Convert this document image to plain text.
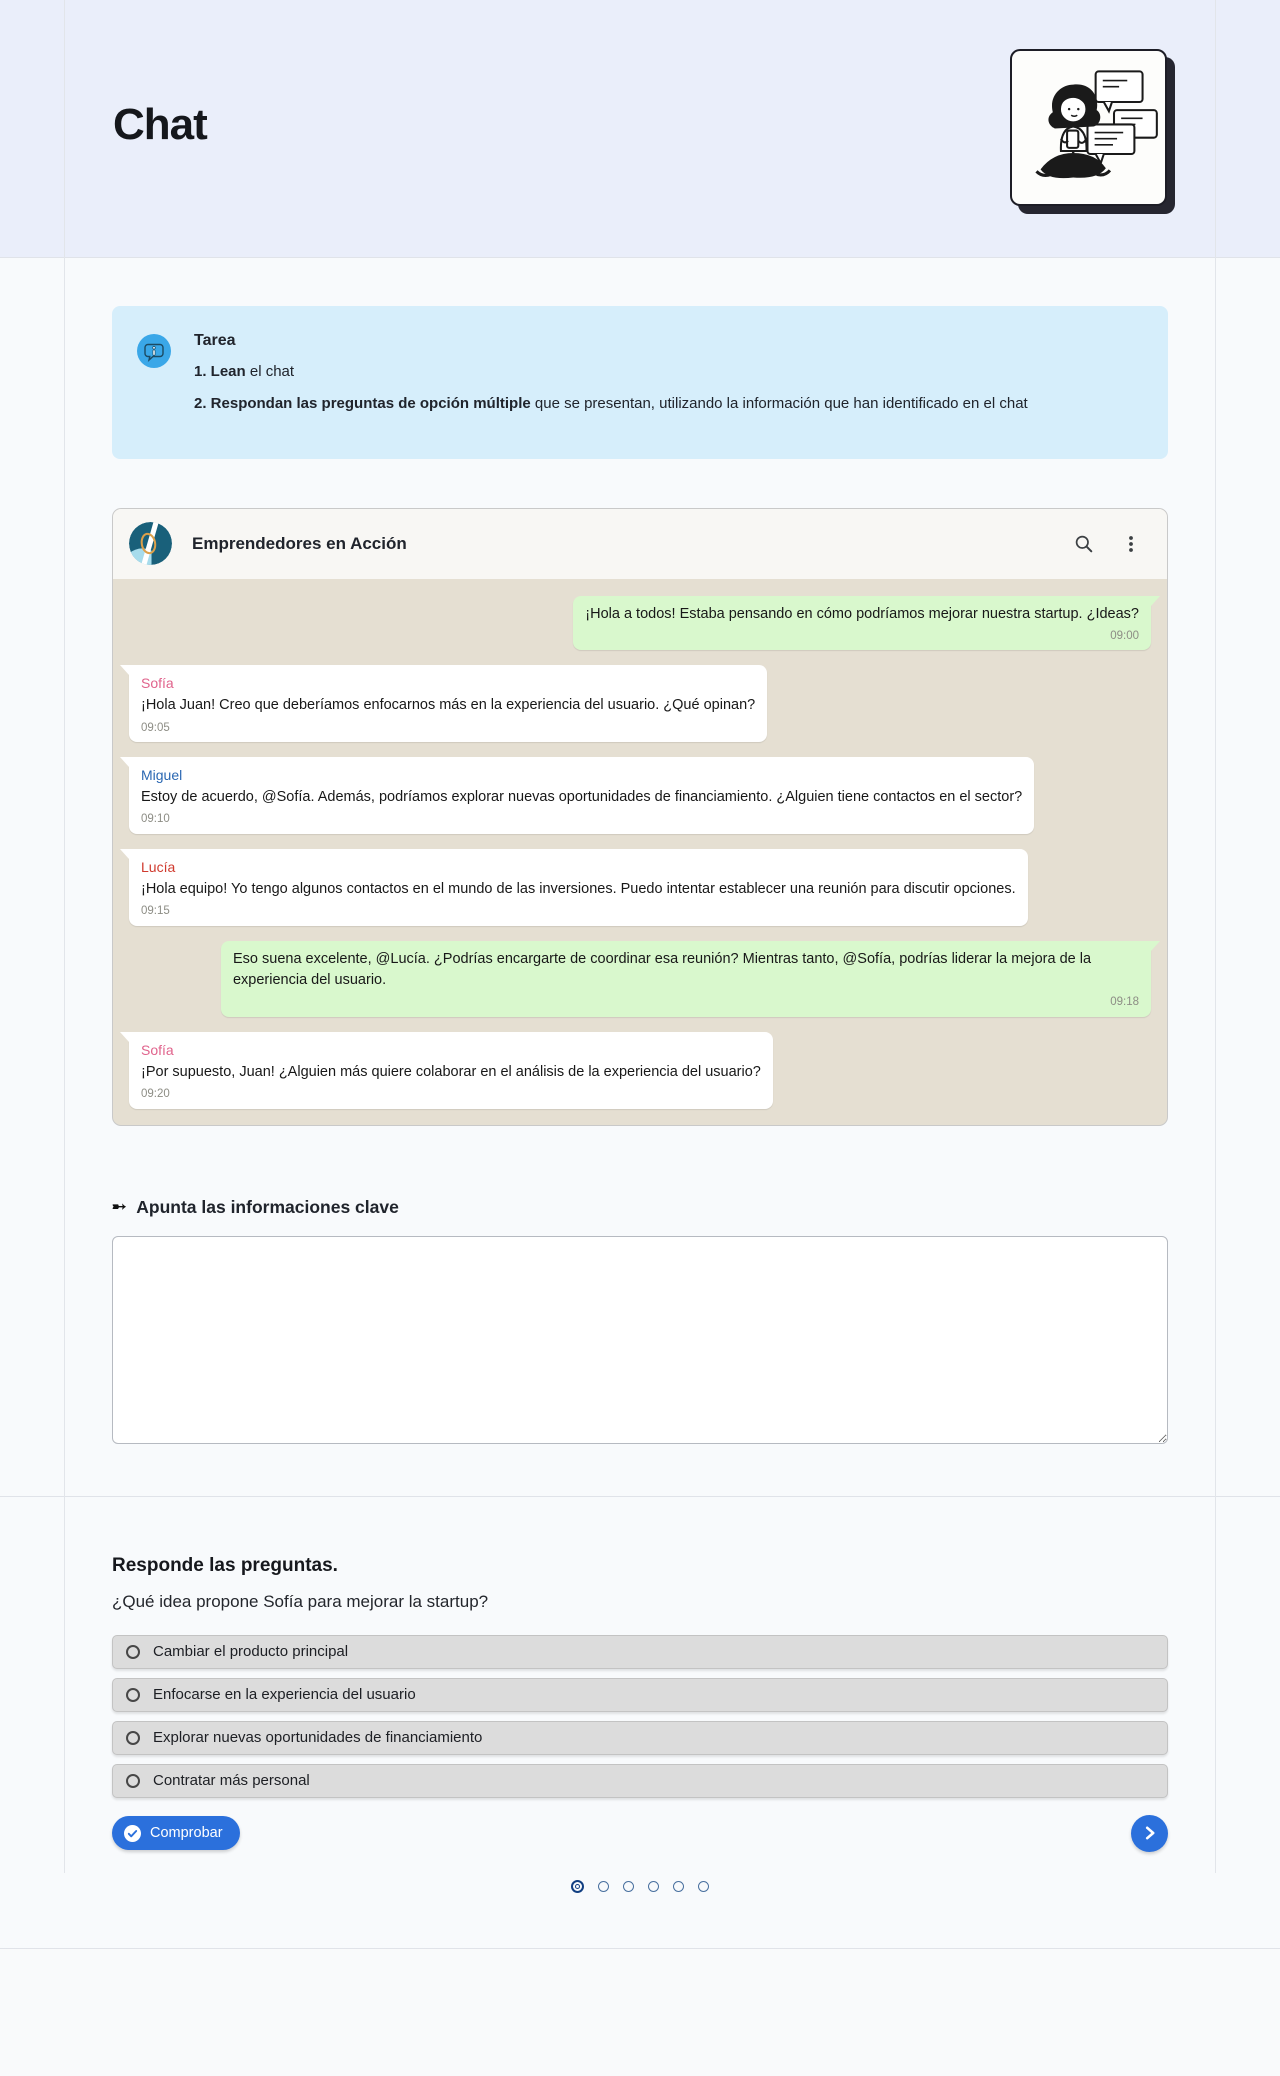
Chat
Tarea
1. Lean el chat
2. Respondan las preguntas de opción múltiple que se presentan, utilizando la información que han identificado en el chat
Emprendedores en Acción
¡Hola a todos! Estaba pensando en cómo podríamos mejorar nuestra startup. ¿Ideas?
09:00
Sofía
¡Hola Juan! Creo que deberíamos enfocarnos más en la experiencia del usuario. ¿Qué opinan?
09:05
Miguel
Estoy de acuerdo, @Sofía. Además, podríamos explorar nuevas oportunidades de financiamiento. ¿Alguien tiene contactos en el sector?
09:10
Lucía
¡Hola equipo! Yo tengo algunos contactos en el mundo de las inversiones. Puedo intentar establecer una reunión para discutir opciones.
09:15
Eso suena excelente, @Lucía. ¿Podrías encargarte de coordinar esa reunión? Mientras tanto, @Sofía, podrías liderar la mejora de la experiencia del usuario.
09:18
Sofía
¡Por supuesto, Juan! ¿Alguien más quiere colaborar en el análisis de la experiencia del usuario?
09:20
➸ Apunta las informaciones clave
Responde las preguntas.
¿Qué idea propone Sofía para mejorar la startup?
Cambiar el producto principal
Enfocarse en la experiencia del usuario
Explorar nuevas oportunidades de financiamiento
Contratar más personal
Comprobar
